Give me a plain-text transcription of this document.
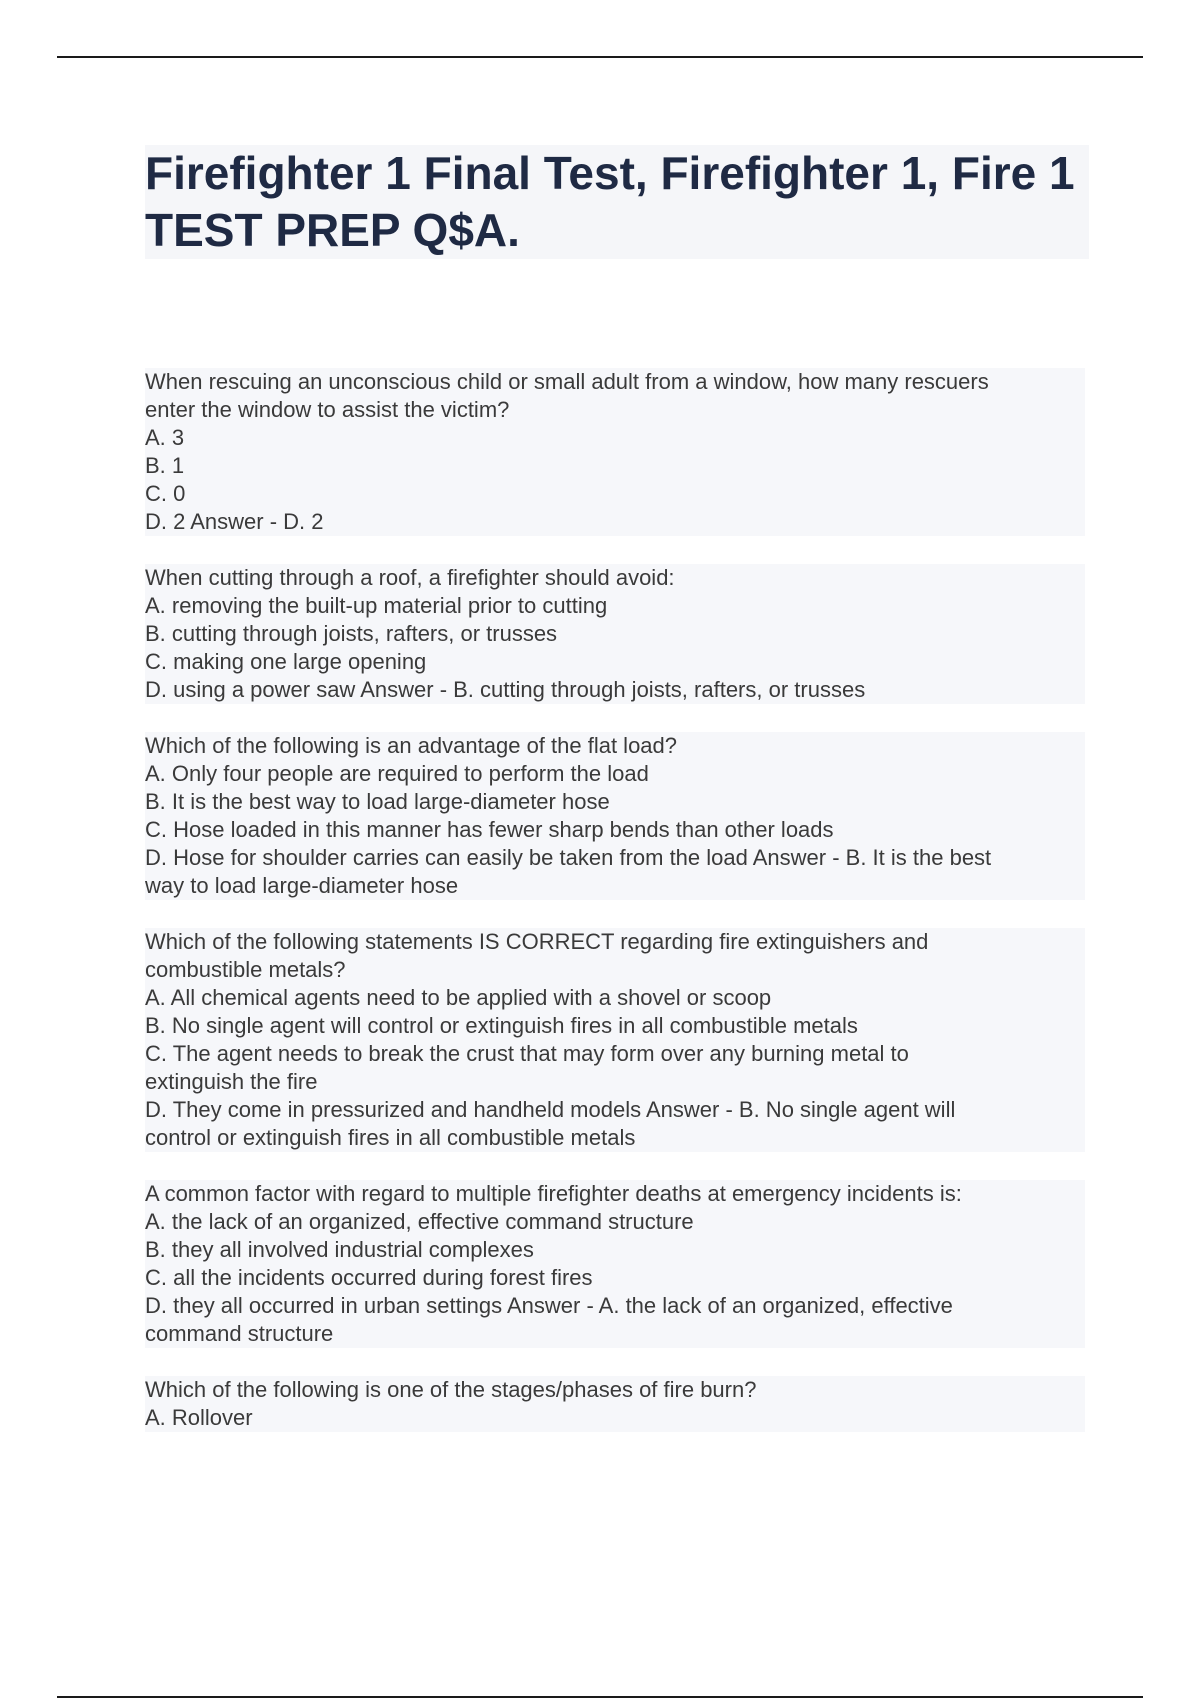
Firefighter 1 Final Test, Firefighter 1, Fire 1 TEST PREP Q$A.
When rescuing an unconscious child or small adult from a window, how many rescuers
enter the window to assist the victim?
A. 3
B. 1
C. 0
D. 2 Answer - D. 2
When cutting through a roof, a firefighter should avoid:
A. removing the built-up material prior to cutting
B. cutting through joists, rafters, or trusses
C. making one large opening
D. using a power saw Answer - B. cutting through joists, rafters, or trusses
Which of the following is an advantage of the flat load?
A. Only four people are required to perform the load
B. It is the best way to load large-diameter hose
C. Hose loaded in this manner has fewer sharp bends than other loads
D. Hose for shoulder carries can easily be taken from the load Answer - B. It is the best
way to load large-diameter hose
Which of the following statements IS CORRECT regarding fire extinguishers and
combustible metals?
A. All chemical agents need to be applied with a shovel or scoop
B. No single agent will control or extinguish fires in all combustible metals
C. The agent needs to break the crust that may form over any burning metal to
extinguish the fire
D. They come in pressurized and handheld models Answer - B. No single agent will
control or extinguish fires in all combustible metals
A common factor with regard to multiple firefighter deaths at emergency incidents is:
A. the lack of an organized, effective command structure
B. they all involved industrial complexes
C. all the incidents occurred during forest fires
D. they all occurred in urban settings Answer - A. the lack of an organized, effective
command structure
Which of the following is one of the stages/phases of fire burn?
A. Rollover
